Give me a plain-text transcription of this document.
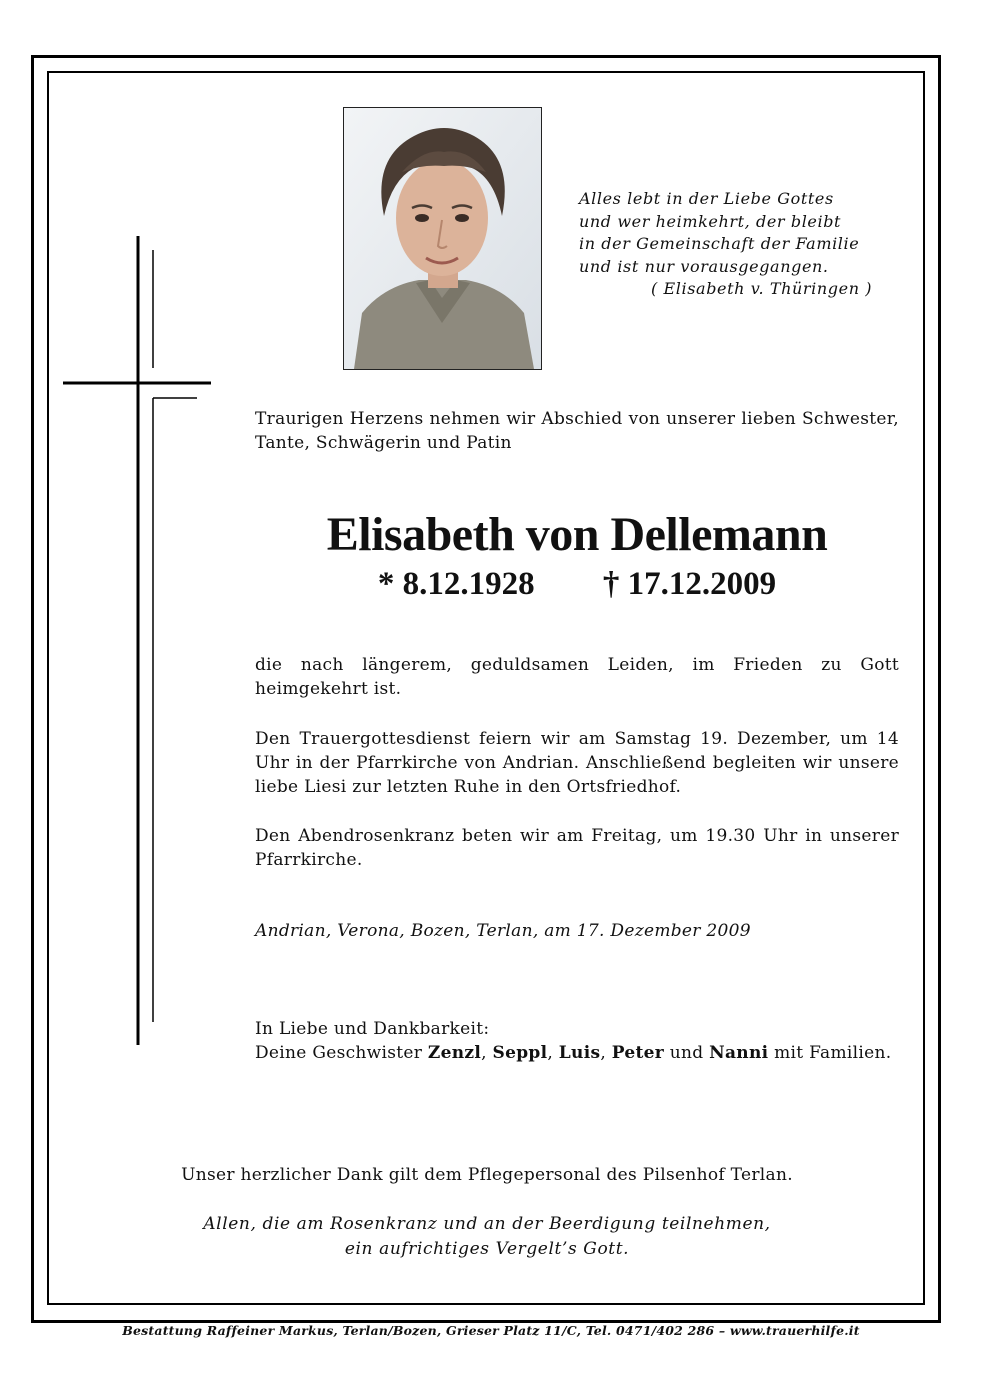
Alles lebt in der Liebe Gottes
und wer heimkehrt, der bleibt
in der Gemeinschaft der Familie
und ist nur vorausgegangen.
( Elisabeth v. Thüringen )
Traurigen Herzens nehmen wir Abschied von unserer lieben Schwester, Tante, Schwägerin und Patin
Elisabeth von Dellemann
* 8.12.1928 † 17.12.2009
die nach längerem, geduldsamen Leiden, im Frieden zu Gott heimgekehrt ist.
Den Trauergottesdienst feiern wir am Samstag 19. Dezember, um 14 Uhr in der Pfarrkirche von Andrian. Anschließend begleiten wir unsere liebe Liesi zur letzten Ruhe in den Ortsfriedhof.
Den Abendrosenkranz beten wir am Freitag, um 19.30 Uhr in unserer Pfarrkirche.
Andrian, Verona, Bozen, Terlan, am 17. Dezember 2009
In Liebe und Dankbarkeit:
Deine Geschwister Zenzl, Seppl, Luis, Peter und Nanni mit Familien.
Unser herzlicher Dank gilt dem Pflegepersonal des Pilsenhof Terlan.
Allen, die am Rosenkranz und an der Beerdigung teilnehmen,
ein aufrichtiges Vergelt’s Gott.
Bestattung Raffeiner Markus, Terlan/Bozen, Grieser Platz 11/C, Tel. 0471/402 286 – www.trauerhilfe.it
